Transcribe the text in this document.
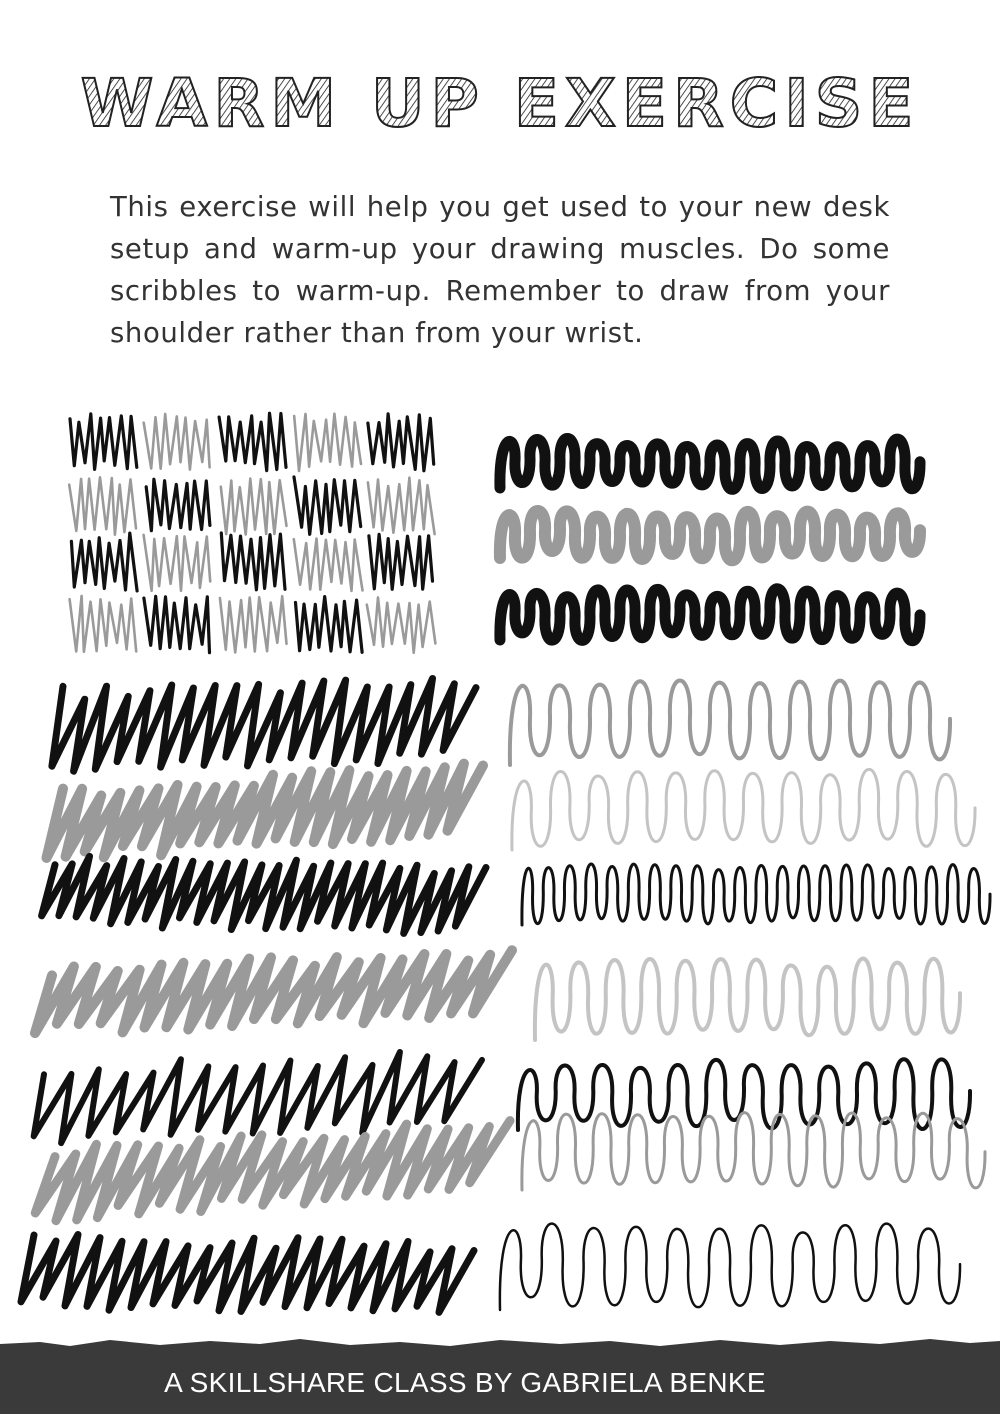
WARM UP EXERCISE

This exercise will help you get used to your new desk setup and warm-up your drawing muscles. Do some scribbles to warm-up. Remember to draw from your shoulder rather than from your wrist.

A SKILLSHARE CLASS BY GABRIELA BENKE
